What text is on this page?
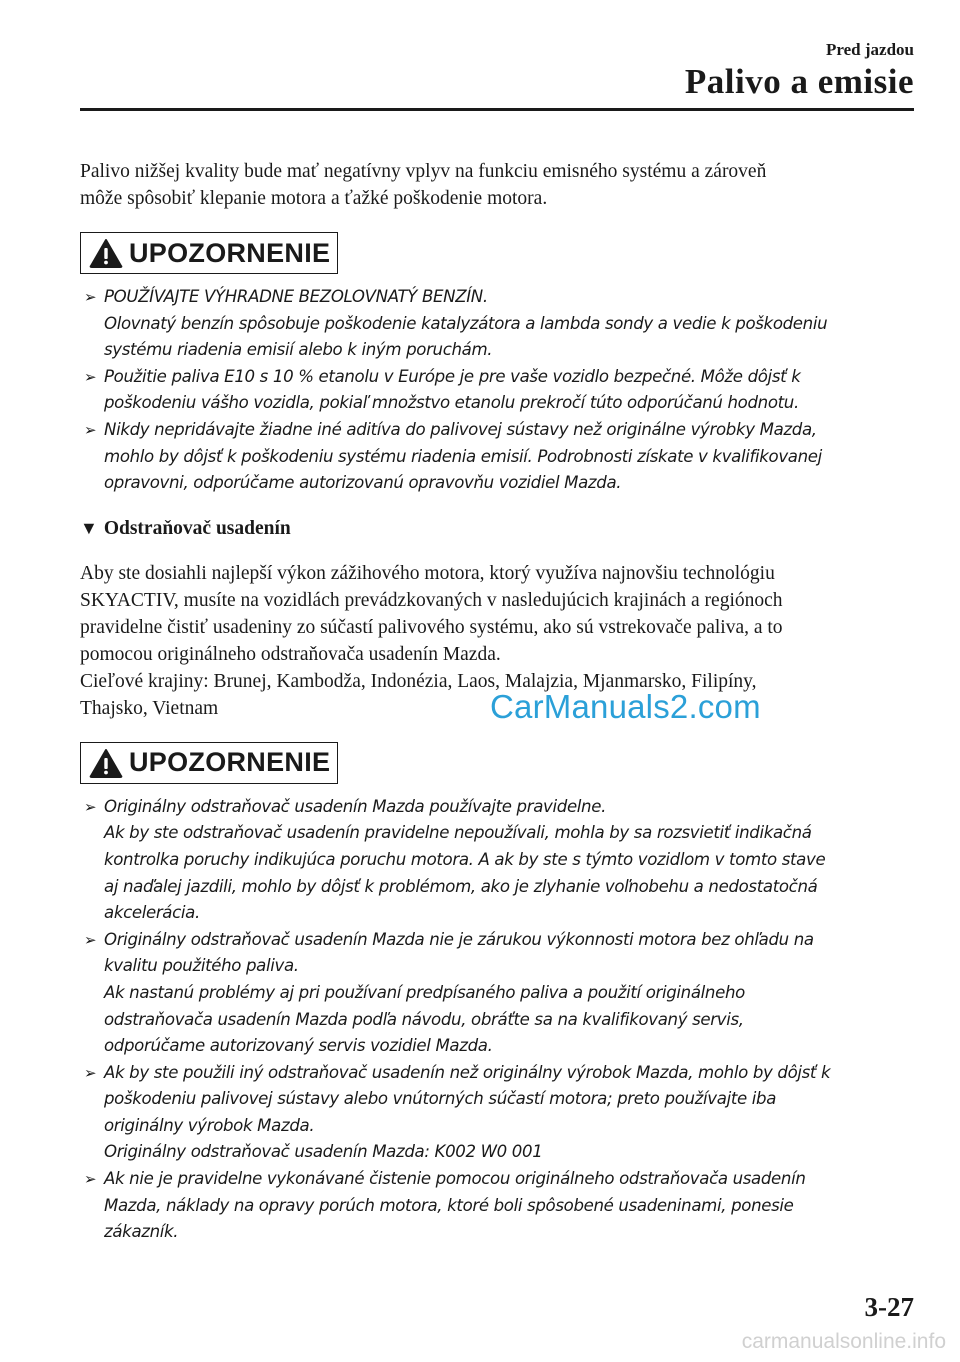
Pred jazdou
Palivo a emisie

Palivo nižšej kvality bude mať negatívny vplyv na funkciu emisného systému a zároveň
môže spôsobiť klepanie motora a ťažké poškodenie motora.

UPOZORNENIE
➢ POUŽÍVAJTE VÝHRADNE BEZOLOVNATÝ BENZÍN.
Olovnatý benzín spôsobuje poškodenie katalyzátora a lambda sondy a vedie k poškodeniu
systému riadenia emisií alebo k iným poruchám.
➢ Použitie paliva E10 s 10 % etanolu v Európe je pre vaše vozidlo bezpečné. Môže dôjsť k
poškodeniu vášho vozidla, pokiaľ množstvo etanolu prekročí túto odporúčanú hodnotu.
➢ Nikdy nepridávajte žiadne iné aditíva do palivovej sústavy než originálne výrobky Mazda,
mohlo by dôjsť k poškodeniu systému riadenia emisií. Podrobnosti získate v kvalifikovanej
opravovni, odporúčame autorizovanú opravovňu vozidiel Mazda.
▼ Odstraňovač usadenín

Aby ste dosiahli najlepší výkon zážihového motora, ktorý využíva najnovšiu technológiu
SKYACTIV, musíte na vozidlách prevádzkovaných v nasledujúcich krajinách a regiónoch
pravidelne čistiť usadeniny zo súčastí palivového systému, ako sú vstrekovače paliva, a to
pomocou originálneho odstraňovača usadenín Mazda.
Cieľové krajiny: Brunej, Kambodža, Indonézia, Laos, Malajzia, Mjanmarsko, Filipíny,
Thajsko, Vietnam

UPOZORNENIE
➢ Originálny odstraňovač usadenín Mazda používajte pravidelne.
Ak by ste odstraňovač usadenín pravidelne nepoužívali, mohla by sa rozsvietiť indikačná
kontrolka poruchy indikujúca poruchu motora. A ak by ste s týmto vozidlom v tomto stave
aj naďalej jazdili, mohlo by dôjsť k problémom, ako je zlyhanie voľnobehu a nedostatočná
akcelerácia.
➢ Originálny odstraňovač usadenín Mazda nie je zárukou výkonnosti motora bez ohľadu na
kvalitu použitého paliva.
Ak nastanú problémy aj pri používaní predpísaného paliva a použití originálneho
odstraňovača usadenín Mazda podľa návodu, obráťte sa na kvalifikovaný servis,
odporúčame autorizovaný servis vozidiel Mazda.
➢ Ak by ste použili iný odstraňovač usadenín než originálny výrobok Mazda, mohlo by dôjsť k
poškodeniu palivovej sústavy alebo vnútorných súčastí motora; preto používajte iba
originálny výrobok Mazda.
Originálny odstraňovač usadenín Mazda: K002 W0 001
➢ Ak nie je pravidelne vykonávané čistenie pomocou originálneho odstraňovača usadenín
Mazda, náklady na opravy porúch motora, ktoré boli spôsobené usadeninami, ponesie
zákazník.
CarManuals2.com
3-27
carmanualsonline.info
